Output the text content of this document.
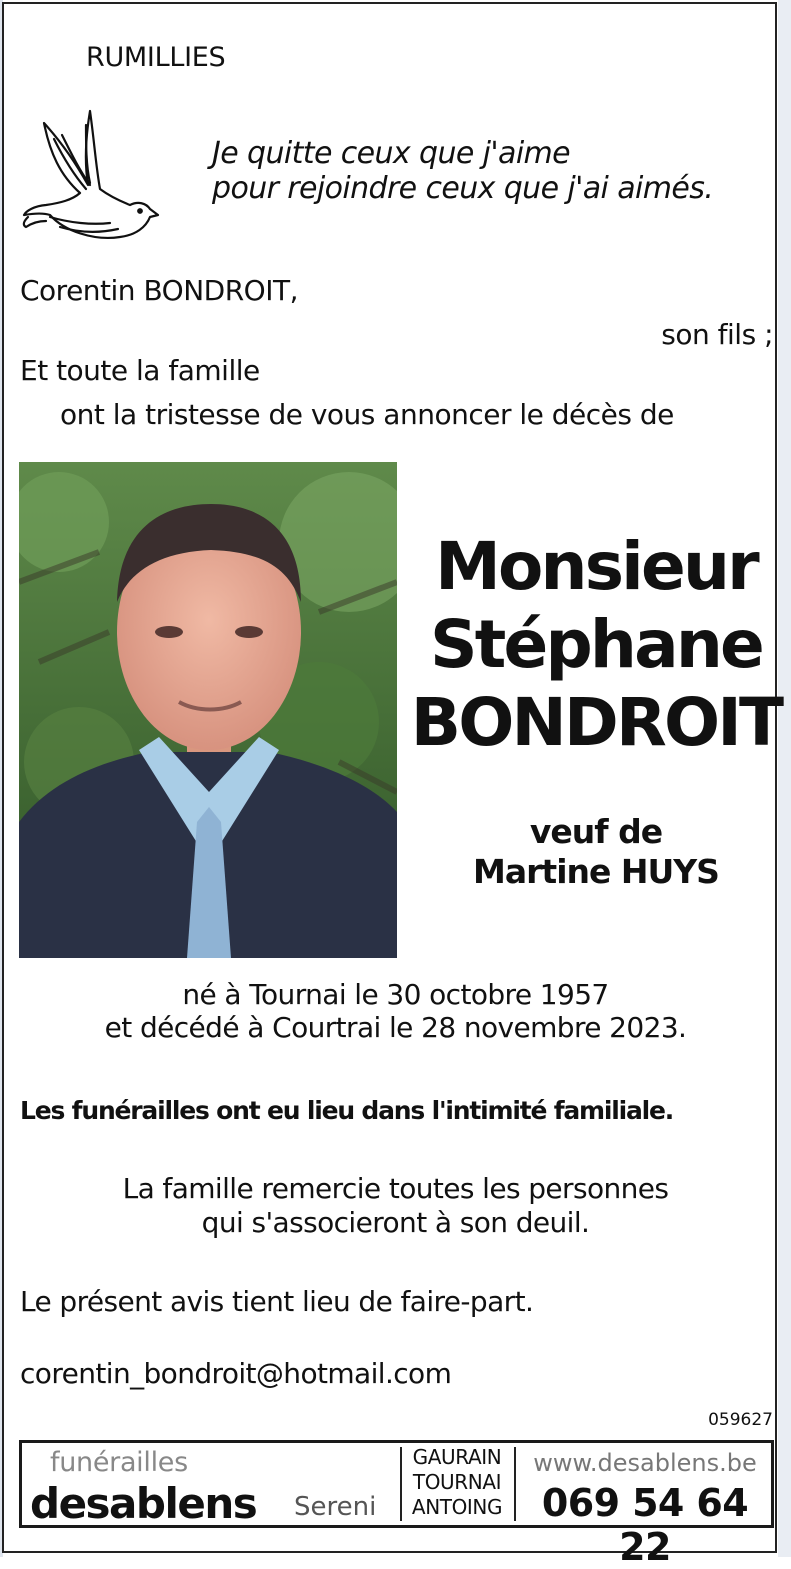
RUMILLIES
Je quitte ceux que j'aime
pour rejoindre ceux que j'ai aimés.
Corentin BONDROIT,
son fils ;
Et toute la famille
ont la tristesse de vous annoncer le décès de
Monsieur
Stéphane
BONDROIT
veuf de
Martine HUYS
né à Tournai le 30 octobre 1957
et décédé à Courtrai le 28 novembre 2023.
Les funérailles ont eu lieu dans l'intimité familiale.
La famille remercie toutes les personnes
qui s'associeront à son deuil.
Le présent avis tient lieu de faire-part.
corentin_bondroit@hotmail.com
059627
funérailles
desablens Sereni
GAURAIN
TOURNAI
ANTOING
www.desablens.be
069 54 64 22
